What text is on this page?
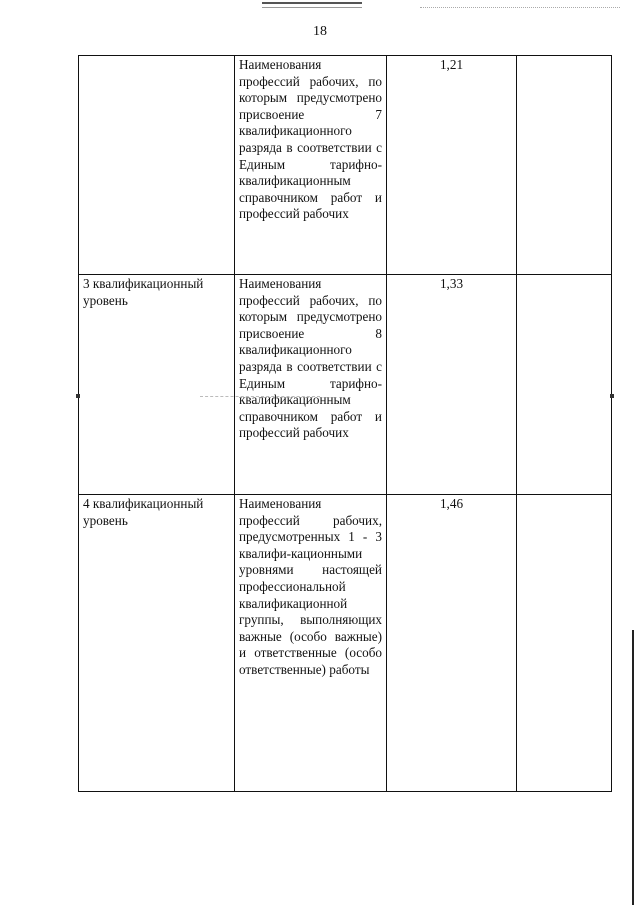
18
	Наименования профессий рабочих, по которым предусмотрено присвоение 7 квалификационного разряда в соответствии с Единым тарифно-квалификационным справочником работ и профессий рабочих	1,21	
3 квалификационный уровень	Наименования профессий рабочих, по которым предусмотрено присвоение 8 квалификационного разряда в соответствии с Единым тарифно-квалификационным справочником работ и профессий рабочих	1,33	
4 квалификационный уровень	Наименования профессий рабочих, предусмотренных 1 - 3 квалифи-кационными уровнями настоящей профессиональной квалификационной группы, выполняющих важные (особо важные) и ответственные (особо ответственные) работы	1,46	
